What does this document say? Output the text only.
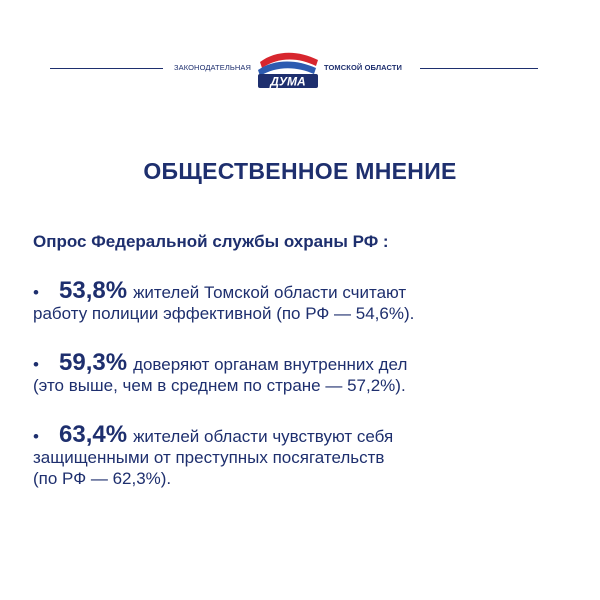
ЗАКОНОДАТЕЛЬНАЯ
ДУМА
ТОМСКОЙ ОБЛАСТИ
ОБЩЕСТВЕННОЕ МНЕНИЕ
Опрос Федеральной службы охраны РФ :
• 53,8% жителей Томской области считают
работу полиции эффективной (по РФ — 54,6%).
• 59,3% доверяют органам внутренних дел
(это выше, чем в среднем по стране — 57,2%).
• 63,4% жителей области чувствуют себя
защищенными от преступных посягательств
(по РФ — 62,3%).
